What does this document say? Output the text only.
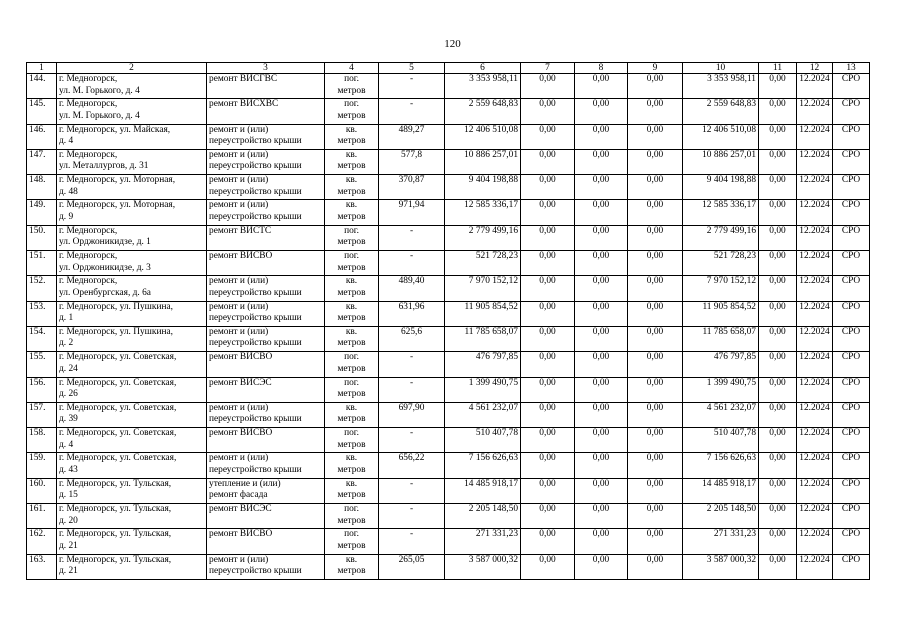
120
1	2	3	4	5	6	7	8	9	10	11	12	13
144.	г. Медногорск,
ул. М. Горького, д. 4	ремонт ВИСГВС	пог.
метров	-	3 353 958,11	0,00	0,00	0,00	3 353 958,11	0,00	12.2024	СРО
145.	г. Медногорск,
ул. М. Горького, д. 4	ремонт ВИСХВС	пог.
метров	-	2 559 648,83	0,00	0,00	0,00	2 559 648,83	0,00	12.2024	СРО
146.	г. Медногорск, ул. Майская,
д. 4	ремонт и (или)
переустройство крыши	кв.
метров	489,27	12 406 510,08	0,00	0,00	0,00	12 406 510,08	0,00	12.2024	СРО
147.	г. Медногорск,
ул. Металлургов, д. 31	ремонт и (или)
переустройство крыши	кв.
метров	577,8	10 886 257,01	0,00	0,00	0,00	10 886 257,01	0,00	12.2024	СРО
148.	г. Медногорск, ул. Моторная,
д. 48	ремонт и (или)
переустройство крыши	кв.
метров	370,87	9 404 198,88	0,00	0,00	0,00	9 404 198,88	0,00	12.2024	СРО
149.	г. Медногорск, ул. Моторная,
д. 9	ремонт и (или)
переустройство крыши	кв.
метров	971,94	12 585 336,17	0,00	0,00	0,00	12 585 336,17	0,00	12.2024	СРО
150.	г. Медногорск,
ул. Орджоникидзе, д. 1	ремонт ВИСТС	пог.
метров	-	2 779 499,16	0,00	0,00	0,00	2 779 499,16	0,00	12.2024	СРО
151.	г. Медногорск,
ул. Орджоникидзе, д. 3	ремонт ВИСВО	пог.
метров	-	521 728,23	0,00	0,00	0,00	521 728,23	0,00	12.2024	СРО
152.	г. Медногорск,
ул. Оренбургская, д. 6а	ремонт и (или)
переустройство крыши	кв.
метров	489,40	7 970 152,12	0,00	0,00	0,00	7 970 152,12	0,00	12.2024	СРО
153.	г. Медногорск, ул. Пушкина,
д. 1	ремонт и (или)
переустройство крыши	кв.
метров	631,96	11 905 854,52	0,00	0,00	0,00	11 905 854,52	0,00	12.2024	СРО
154.	г. Медногорск, ул. Пушкина,
д. 2	ремонт и (или)
переустройство крыши	кв.
метров	625,6	11 785 658,07	0,00	0,00	0,00	11 785 658,07	0,00	12.2024	СРО
155.	г. Медногорск, ул. Советская,
д. 24	ремонт ВИСВО	пог.
метров	-	476 797,85	0,00	0,00	0,00	476 797,85	0,00	12.2024	СРО
156.	г. Медногорск, ул. Советская,
д. 26	ремонт ВИСЭС	пог.
метров	-	1 399 490,75	0,00	0,00	0,00	1 399 490,75	0,00	12.2024	СРО
157.	г. Медногорск, ул. Советская,
д. 39	ремонт и (или)
переустройство крыши	кв.
метров	697,90	4 561 232,07	0,00	0,00	0,00	4 561 232,07	0,00	12.2024	СРО
158.	г. Медногорск, ул. Советская,
д. 4	ремонт ВИСВО	пог.
метров	-	510 407,78	0,00	0,00	0,00	510 407,78	0,00	12.2024	СРО
159.	г. Медногорск, ул. Советская,
д. 43	ремонт и (или)
переустройство крыши	кв.
метров	656,22	7 156 626,63	0,00	0,00	0,00	7 156 626,63	0,00	12.2024	СРО
160.	г. Медногорск, ул. Тульская,
д. 15	утепление и (или)
ремонт фасада	кв.
метров	-	14 485 918,17	0,00	0,00	0,00	14 485 918,17	0,00	12.2024	СРО
161.	г. Медногорск, ул. Тульская,
д. 20	ремонт ВИСЭС	пог.
метров	-	2 205 148,50	0,00	0,00	0,00	2 205 148,50	0,00	12.2024	СРО
162.	г. Медногорск, ул. Тульская,
д. 21	ремонт ВИСВО	пог.
метров	-	271 331,23	0,00	0,00	0,00	271 331,23	0,00	12.2024	СРО
163.	г. Медногорск, ул. Тульская,
д. 21	ремонт и (или)
переустройство крыши	кв.
метров	265,05	3 587 000,32	0,00	0,00	0,00	3 587 000,32	0,00	12.2024	СРО
